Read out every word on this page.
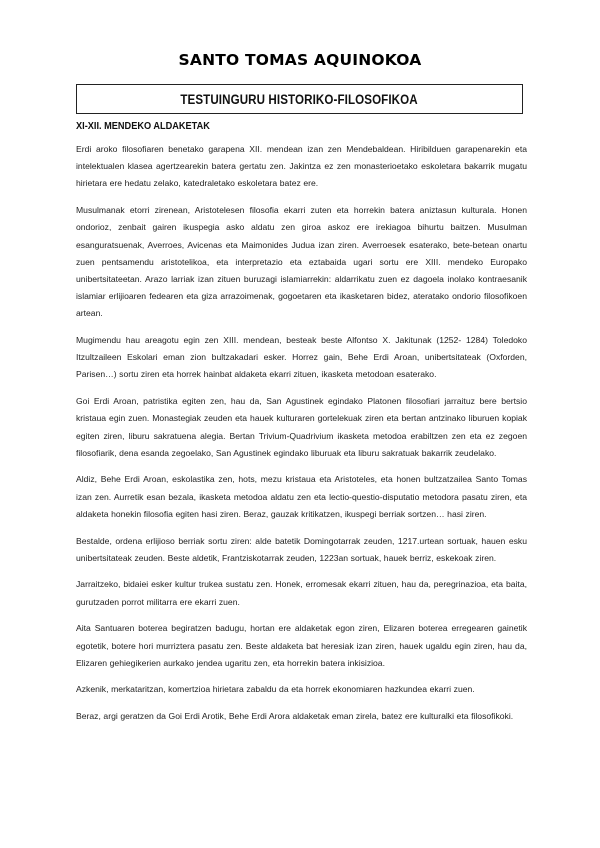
SANTO TOMAS AQUINOKOA
TESTUINGURU HISTORIKO-FILOSOFIKOA
XI-XII. MENDEKO ALDAKETAK

Erdi aroko filosofiaren benetako garapena XII. mendean izan zen Mendebaldean. Hiribilduen garapenarekin eta intelektualen klasea agertzearekin batera gertatu zen. Jakintza ez zen monasterioetako eskoletara bakarrik mugatu hirietara ere hedatu zelako, katedraletako eskoletara batez ere.

Musulmanak etorri zirenean, Aristotelesen filosofia ekarri zuten eta horrekin batera aniztasun kulturala. Honen ondorioz, zenbait gairen ikuspegia asko aldatu zen giroa askoz ere irekiagoa bihurtu baitzen. Musulman esanguratsuenak, Averroes, Avicenas eta Maimonides Judua izan ziren. Averroesek esaterako, bete-betean onartu zuen pentsamendu aristotelikoa, eta interpretazio eta eztabaida ugari sortu ere XIII. mendeko Europako unibertsitateetan. Arazo larriak izan zituen buruzagi islamiarrekin: aldarrikatu zuen ez dagoela inolako kontraesanik islamiar erlijioaren fedearen eta giza arrazoimenak, gogoetaren eta ikasketaren bidez, ateratako ondorio filosofikoen artean.

Mugimendu hau areagotu egin zen XIII. mendean, besteak beste Alfontso X. Jakitunak (1252- 1284) Toledoko Itzultzaileen Eskolari eman zion bultzakadari esker. Horrez gain, Behe Erdi Aroan, unibertsitateak (Oxforden, Parisen…) sortu ziren eta horrek hainbat aldaketa ekarri zituen, ikasketa metodoan esaterako.

Goi Erdi Aroan, patristika egiten zen, hau da, San Agustinek egindako Platonen filosofiari jarraituz bere bertsio kristaua egin zuen. Monastegiak zeuden eta hauek kulturaren gortelekuak ziren eta bertan antzinako liburuen kopiak egiten ziren, liburu sakratuena alegia. Bertan Trivium-Quadrivium ikasketa metodoa erabiltzen zen eta ez zegoen filosofiarik, dena esanda zegoelako, San Agustinek egindako liburuak eta liburu sakratuak bakarrik zeudelako.

Aldiz, Behe Erdi Aroan, eskolastika zen, hots, mezu kristaua eta Aristoteles, eta honen bultzatzailea Santo Tomas izan zen. Aurretik esan bezala, ikasketa metodoa aldatu zen eta lectio-questio-disputatio metodora pasatu ziren, eta aldaketa honekin filosofia egiten hasi ziren. Beraz, gauzak kritikatzen, ikuspegi berriak sortzen… hasi ziren.

Bestalde, ordena erlijioso berriak sortu ziren: alde batetik Domingotarrak zeuden, 1217.urtean sortuak, hauen esku unibertsitateak zeuden. Beste aldetik, Frantziskotarrak zeuden, 1223an sortuak, hauek berriz, eskekoak ziren.

Jarraitzeko, bidaiei esker kultur trukea sustatu zen. Honek, erromesak ekarri zituen, hau da, peregrinazioa, eta baita, gurutzaden porrot militarra ere ekarri zuen.

Aita Santuaren boterea begiratzen badugu, hortan ere aldaketak egon ziren, Elizaren boterea erregearen gainetik egotetik, botere hori murriztera pasatu zen. Beste aldaketa bat heresiak izan ziren, hauek ugaldu egin ziren, hau da, Elizaren gehiegikerien aurkako jendea ugaritu zen, eta horrekin batera inkisizioa.

Azkenik, merkataritzan, komertzioa hirietara zabaldu da eta horrek ekonomiaren hazkundea ekarri zuen.

Beraz, argi geratzen da Goi Erdi Arotik, Behe Erdi Arora aldaketak eman zirela, batez ere kulturalki eta filosofikoki.
